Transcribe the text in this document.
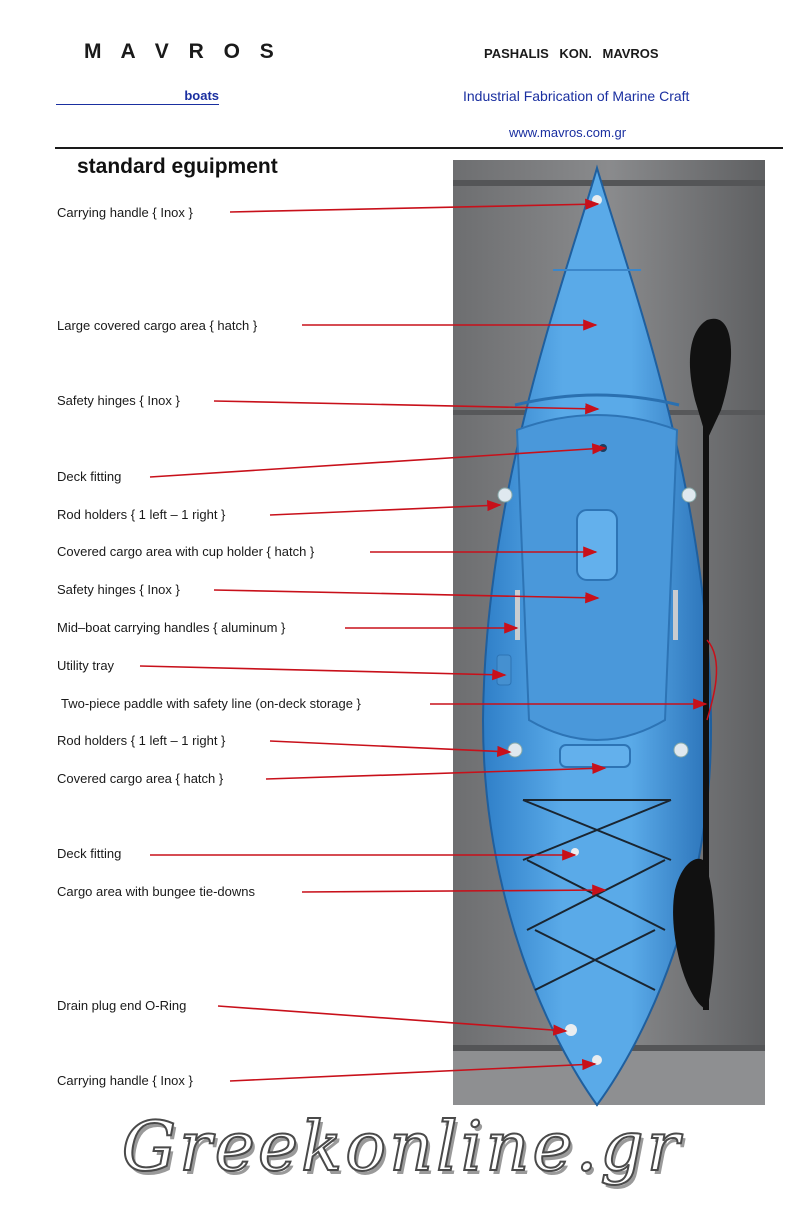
M A V R O S
boats
PASHALIS KON. MAVROS
Industrial Fabrication of Marine Craft
www.mavros.com.gr
standard eguipment
Carrying handle { Inox }
Large covered cargo area { hatch }
Safety hinges { Inox }
Deck fitting
Rod holders { 1 left – 1 right }
Covered cargo area with cup holder { hatch }
Safety hinges { Inox }
Mid–boat carrying handles { aluminum }
Utility tray
Two-piece paddle with safety line (on-deck storage }
Rod holders { 1 left – 1 right }
Covered cargo area { hatch }
Deck fitting
Cargo area with bungee tie-downs
Drain plug end O-Ring
Carrying handle { Inox }
Greekonline.gr
